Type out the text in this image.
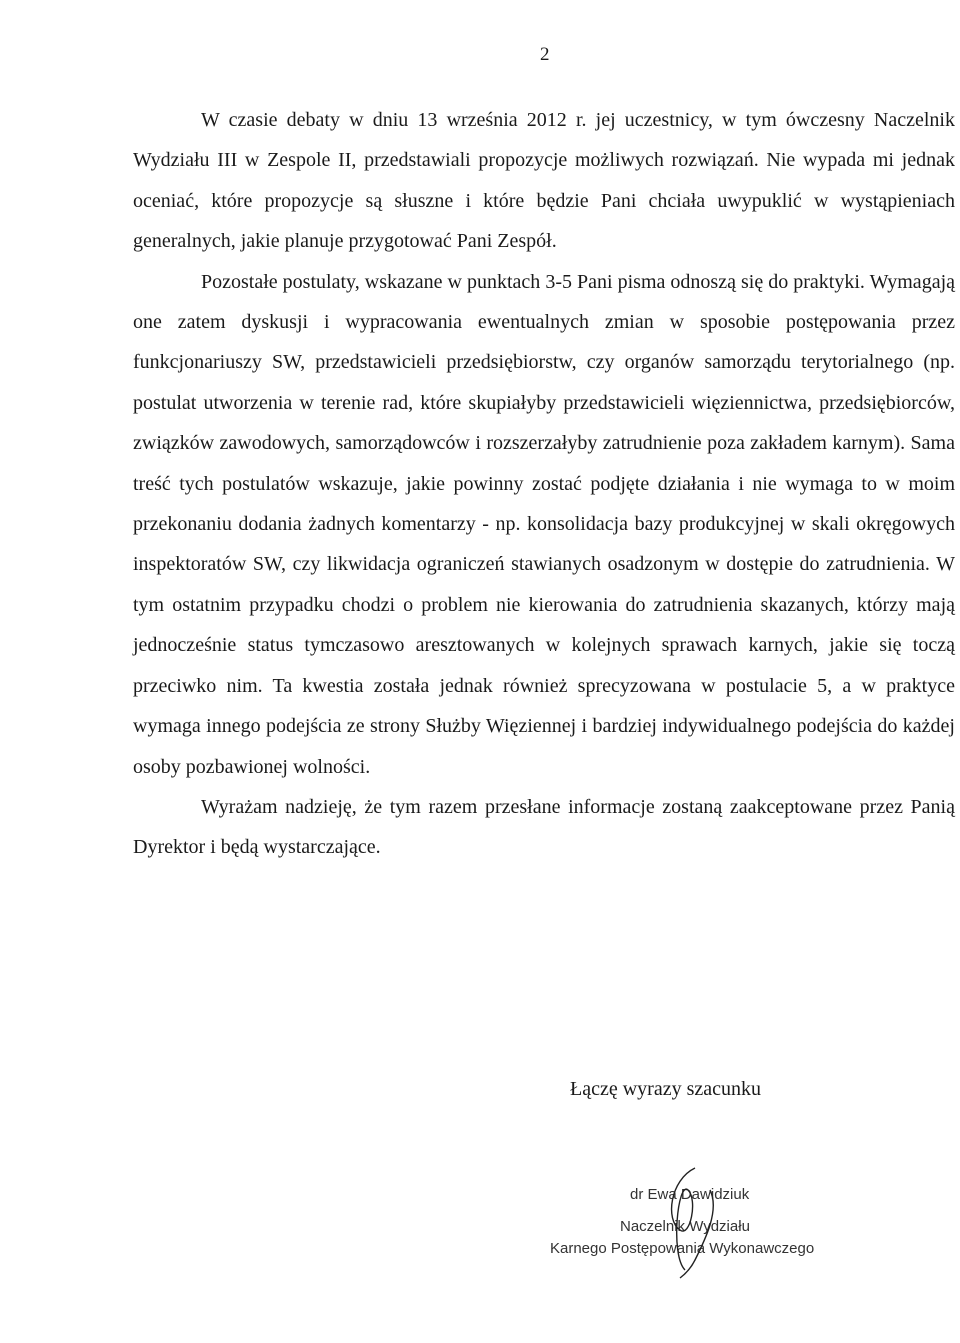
2

W czasie debaty w dniu 13 września 2012 r. jej uczestnicy, w tym ówczesny Naczelnik Wydziału III w Zespole II, przedstawiali propozycje możliwych rozwiązań. Nie wypada mi jednak oceniać, które propozycje są słuszne i które będzie Pani chciała uwypuklić w wystąpieniach generalnych, jakie planuje przygotować Pani Zespół.

Pozostałe postulaty, wskazane w punktach 3-5 Pani pisma odnoszą się do praktyki. Wymagają one zatem dyskusji i wypracowania ewentualnych zmian w sposobie postępowania przez funkcjonariuszy SW, przedstawicieli przedsiębiorstw, czy organów samorządu terytorialnego (np. postulat utworzenia w terenie rad, które skupiałyby przedstawicieli więziennictwa, przedsiębiorców, związków zawodowych, samorządowców i rozszerzałyby zatrudnienie poza zakładem karnym). Sama treść tych postulatów wskazuje, jakie powinny zostać podjęte działania i nie wymaga to w moim przekonaniu dodania żadnych komentarzy - np. konsolidacja bazy produkcyjnej w skali okręgowych inspektoratów SW, czy likwidacja ograniczeń stawianych osadzonym w dostępie do zatrudnienia. W tym ostatnim przypadku chodzi o problem nie kierowania do zatrudnienia skazanych, którzy mają jednocześnie status tymczasowo aresztowanych w kolejnych sprawach karnych, jakie się toczą przeciwko nim. Ta kwestia została jednak również sprecyzowana w postulacie 5, a w praktyce wymaga innego podejścia ze strony Służby Więziennej i bardziej indywidualnego podejścia do każdej osoby pozbawionej wolności.

Wyrażam nadzieję, że tym razem przesłane informacje zostaną zaakceptowane przez Panią Dyrektor i będą wystarczające.

Łączę wyrazy szacunku
dr Ewa Dawidziuk
Naczelnik Wydziału
Karnego Postępowania Wykonawczego
